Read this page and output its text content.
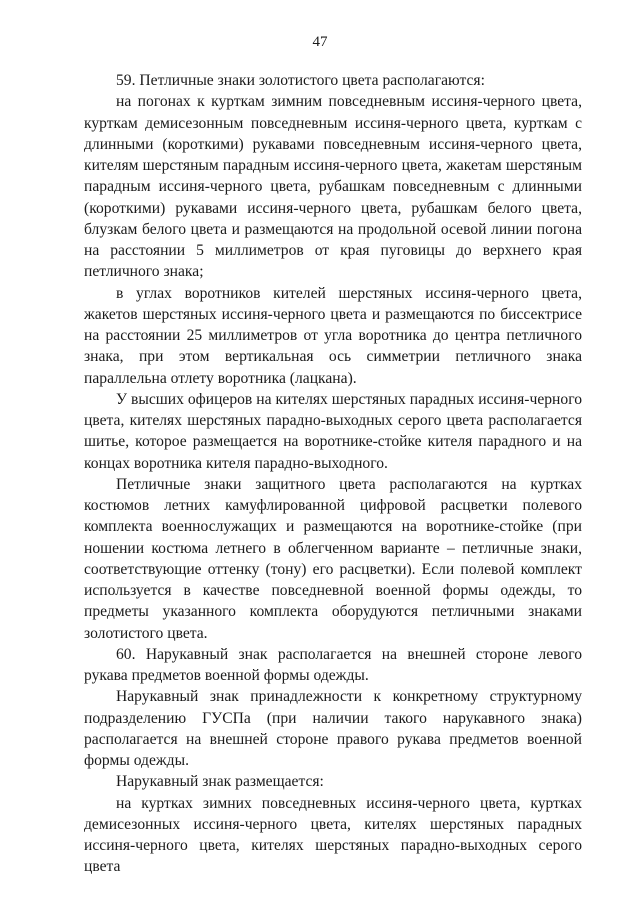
47

59. Петличные знаки золотистого цвета располагаются:

на погонах к курткам зимним повседневным иссиня-черного цвета, курткам демисезонным повседневным иссиня-черного цвета, курткам с длинными (короткими) рукавами повседневным иссиня-черного цвета, кителям шерстяным парадным иссиня-черного цвета, жакетам шерстяным парадным иссиня-черного цвета, рубашкам повседневным с длинными (короткими) рукавами иссиня-черного цвета, рубашкам белого цвета, блузкам белого цвета и размещаются на продольной осевой линии погона на расстоянии 5 миллиметров от края пуговицы до верхнего края петличного знака;

в углах воротников кителей шерстяных иссиня-черного цвета, жакетов шерстяных иссиня-черного цвета и размещаются по биссектрисе на расстоянии 25 миллиметров от угла воротника до центра петличного знака, при этом вертикальная ось симметрии петличного знака параллельна отлету воротника (лацкана).

У высших офицеров на кителях шерстяных парадных иссиня-черного цвета, кителях шерстяных парадно-выходных серого цвета располагается шитье, которое размещается на воротнике-стойке кителя парадного и на концах воротника кителя парадно-выходного.

Петличные знаки защитного цвета располагаются на куртках костюмов летних камуфлированной цифровой расцветки полевого комплекта военнослужащих и размещаются на воротнике-стойке (при ношении костюма летнего в облегченном варианте – петличные знаки, соответствующие оттенку (тону) его расцветки). Если полевой комплект используется в качестве повседневной военной формы одежды, то предметы указанного комплекта оборудуются петличными знаками золотистого цвета.

60. Нарукавный знак располагается на внешней стороне левого рукава предметов военной формы одежды.

Нарукавный знак принадлежности к конкретному структурному подразделению ГУСПа (при наличии такого нарукавного знака) располагается на внешней стороне правого рукава предметов военной формы одежды.

Нарукавный знак размещается:

на куртках зимних повседневных иссиня-черного цвета, куртках демисезонных иссиня-черного цвета, кителях шерстяных парадных иссиня-черного цвета, кителях шерстяных парадно-выходных серого цвета
